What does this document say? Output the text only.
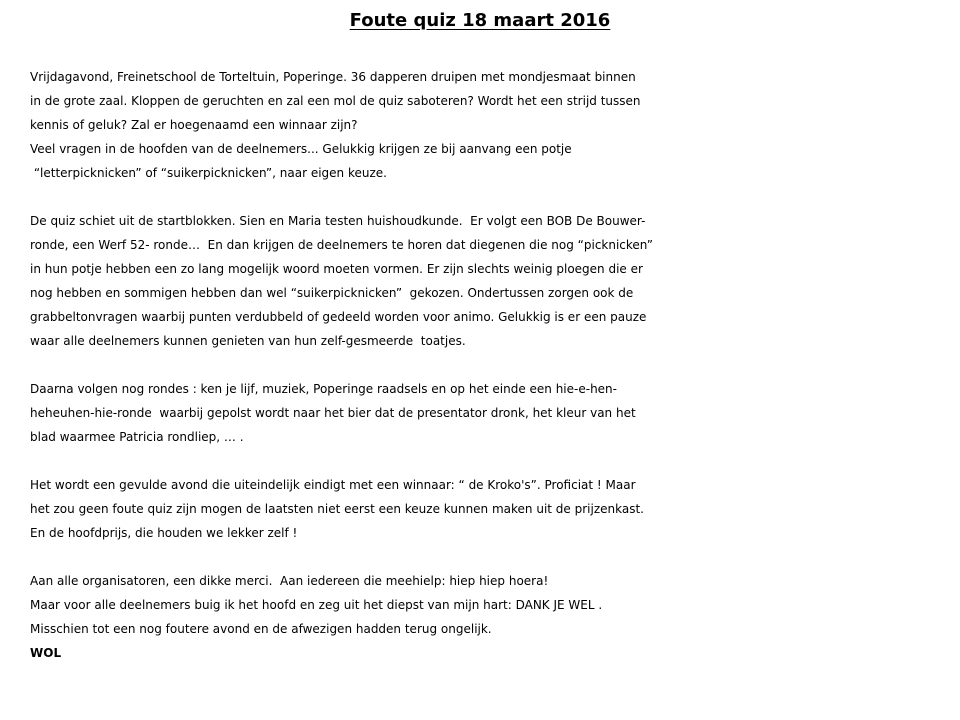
Foute quiz 18 maart 2016
Vrijdagavond, Freinetschool de Torteltuin, Poperinge. 36 dapperen druipen met mondjesmaat binnen
in de grote zaal. Kloppen de geruchten en zal een mol de quiz saboteren? Wordt het een strijd tussen
kennis of geluk? Zal er hoegenaamd een winnaar zijn?
Veel vragen in de hoofden van de deelnemers... Gelukkig krijgen ze bij aanvang een potje
“letterpicknicken” of “suikerpicknicken”, naar eigen keuze.
De quiz schiet uit de startblokken. Sien en Maria testen huishoudkunde.  Er volgt een BOB De Bouwer-
ronde, een Werf 52- ronde…  En dan krijgen de deelnemers te horen dat diegenen die nog “picknicken”
in hun potje hebben een zo lang mogelijk woord moeten vormen. Er zijn slechts weinig ploegen die er
nog hebben en sommigen hebben dan wel “suikerpicknicken”  gekozen. Ondertussen zorgen ook de
grabbeltonvragen waarbij punten verdubbeld of gedeeld worden voor animo. Gelukkig is er een pauze
waar alle deelnemers kunnen genieten van hun zelf-gesmeerde  toatjes.
Daarna volgen nog rondes : ken je lijf, muziek, Poperinge raadsels en op het einde een hie-e-hen-
heheuhen-hie-ronde  waarbij gepolst wordt naar het bier dat de presentator dronk, het kleur van het
blad waarmee Patricia rondliep, … .
Het wordt een gevulde avond die uiteindelijk eindigt met een winnaar: “ de Kroko's”. Proficiat ! Maar
het zou geen foute quiz zijn mogen de laatsten niet eerst een keuze kunnen maken uit de prijzenkast.
En de hoofdprijs, die houden we lekker zelf !
Aan alle organisatoren, een dikke merci.  Aan iedereen die meehielp: hiep hiep hoera!
Maar voor alle deelnemers buig ik het hoofd en zeg uit het diepst van mijn hart: DANK JE WEL .
Misschien tot een nog foutere avond en de afwezigen hadden terug ongelijk.
WOL
